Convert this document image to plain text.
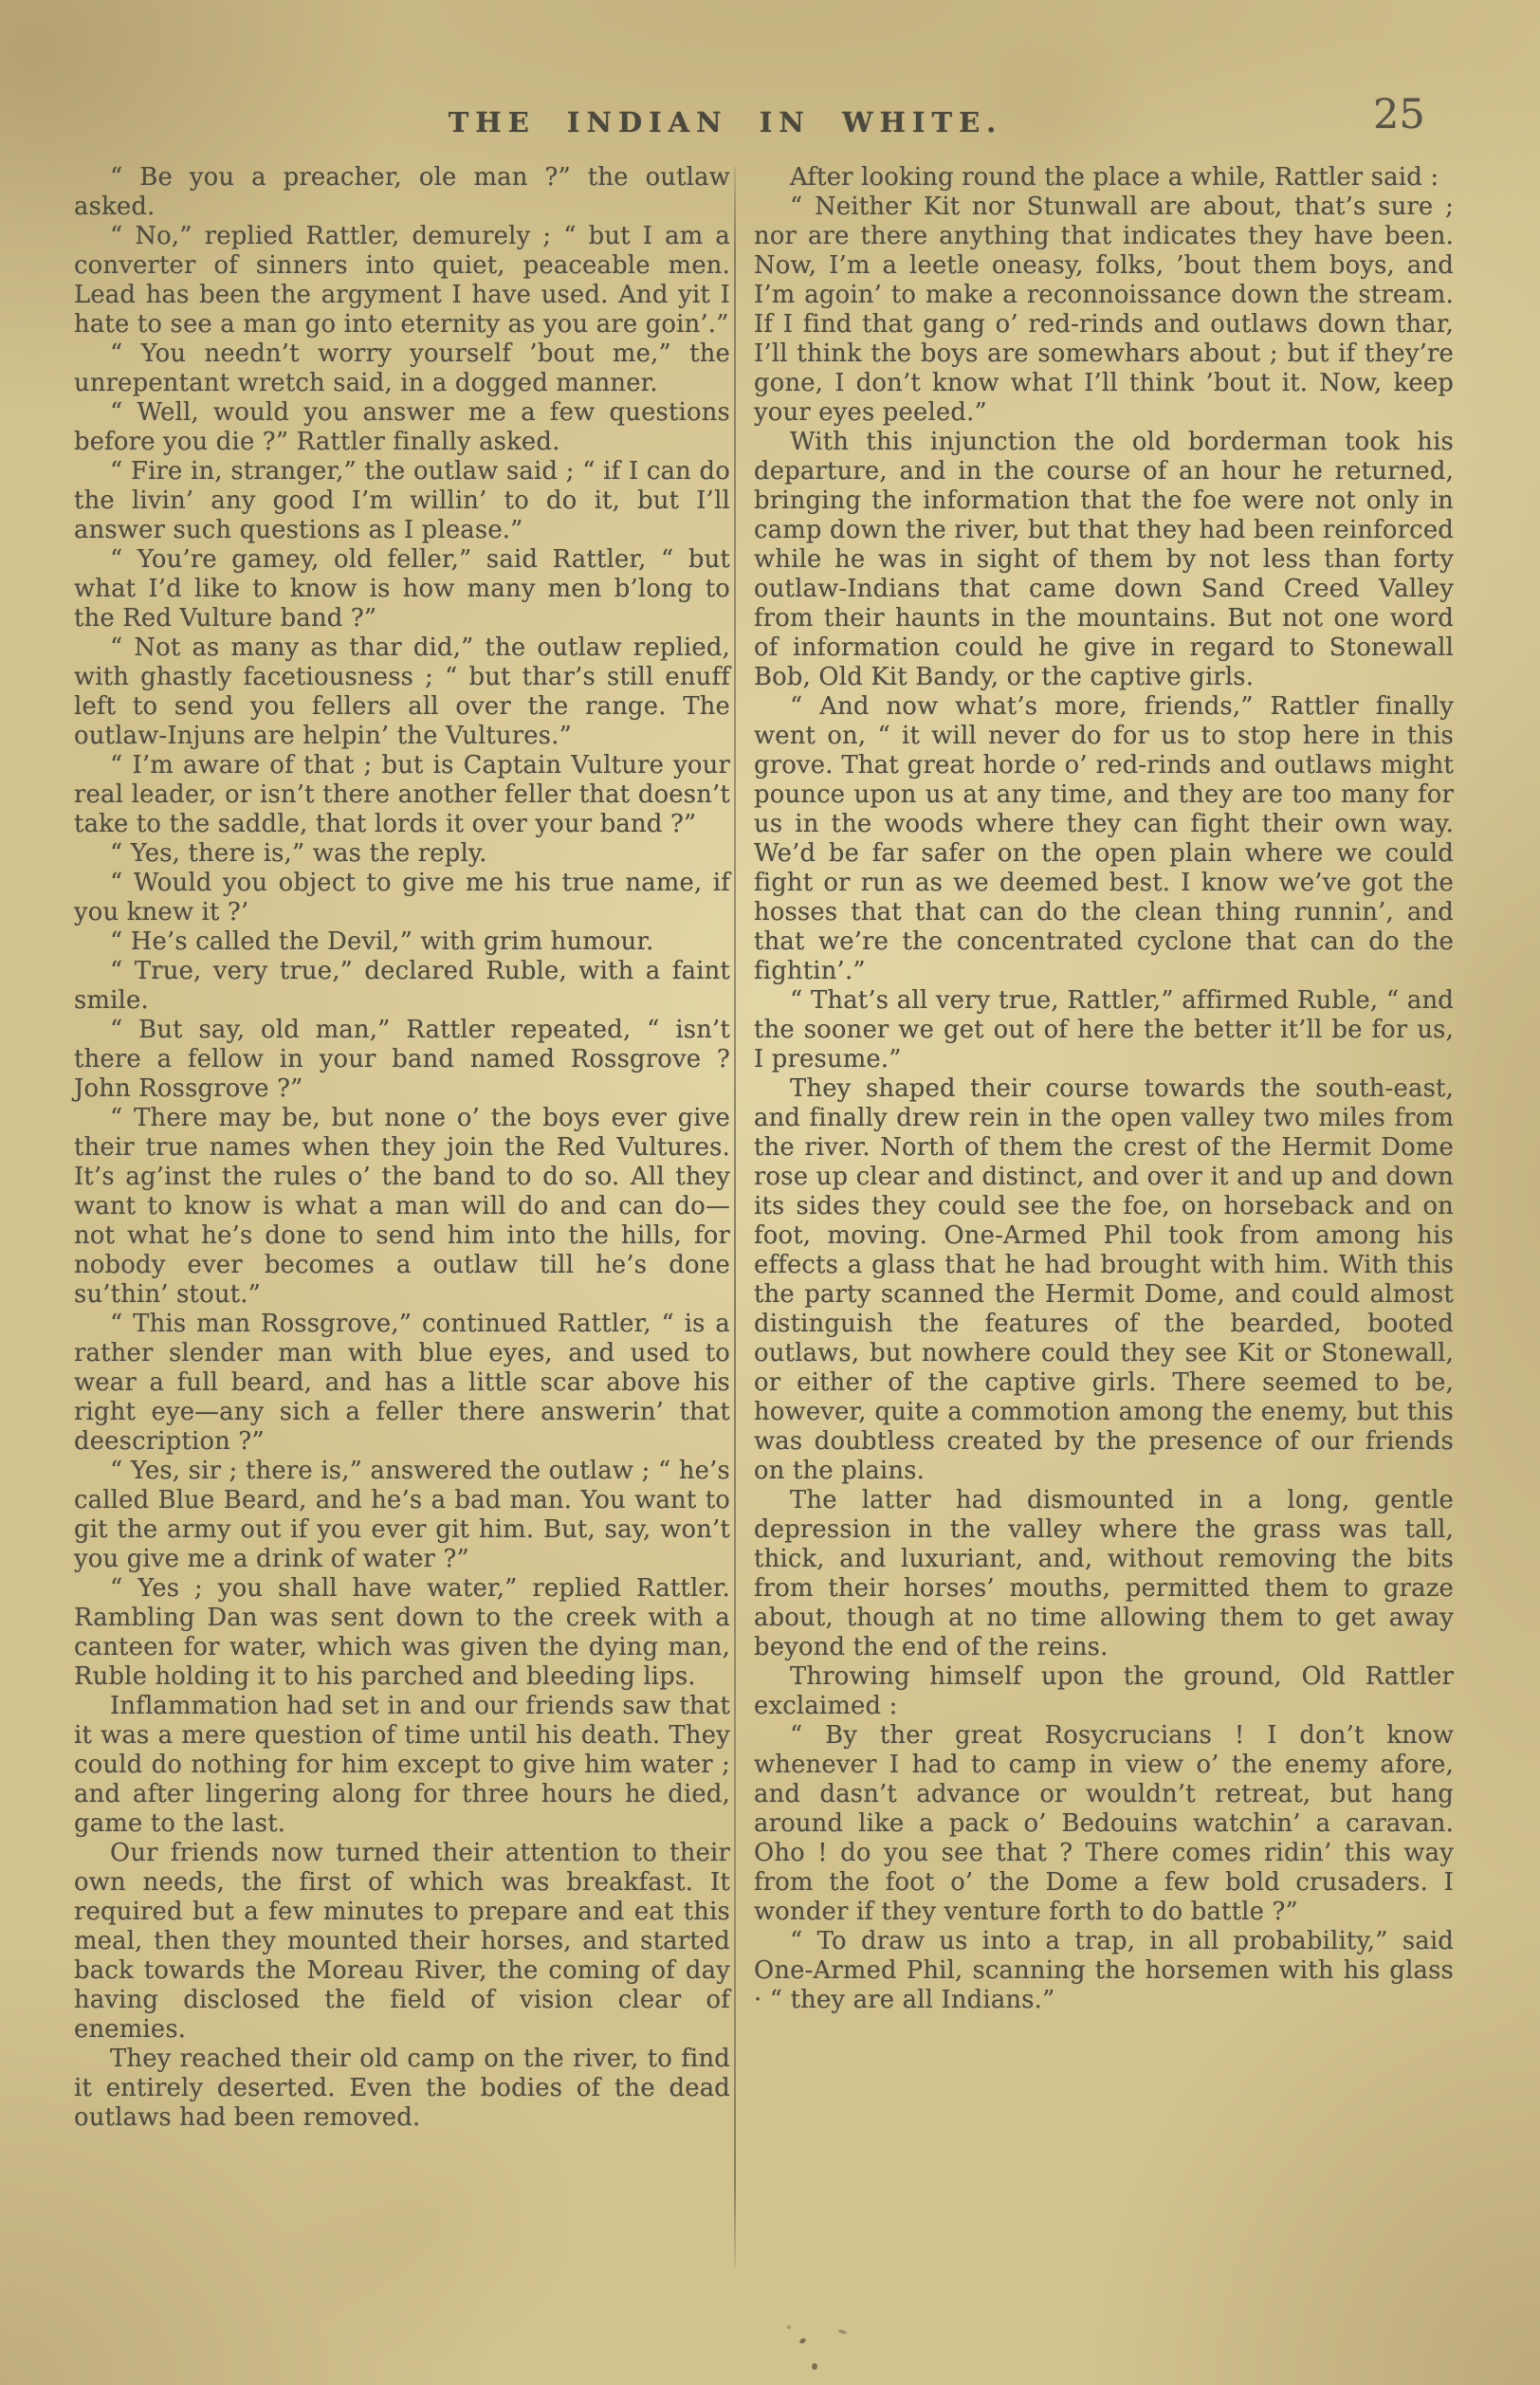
THE INDIAN IN WHITE.	25

“ Be you a preacher, ole man ?” the outlaw asked.

“ No,” replied Rattler, demurely ; “ but I am a converter of sinners into quiet, peaceable men. Lead has been the argyment I have used. And yit I hate to see a man go into eternity as you are goin’.”

“ You needn’t worry yourself ’bout me,” the unrepentant wretch said, in a dogged manner.

“ Well, would you answer me a few questions before you die ?” Rattler finally asked.

“ Fire in, stranger,” the outlaw said ; “ if I can do the livin’ any good I’m willin’ to do it, but I’ll answer such questions as I please.”

“ You’re gamey, old feller,” said Rattler, “ but what I’d like to know is how many men b’long to the Red Vulture band ?”

“ Not as many as thar did,” the outlaw replied, with ghastly facetiousness ; “ but thar’s still enuff left to send you fellers all over the range. The outlaw-Injuns are helpin’ the Vultures.”

“ I’m aware of that ; but is Captain Vulture your real leader, or isn’t there another feller that doesn’t take to the saddle, that lords it over your band ?”

“ Yes, there is,” was the reply.

“ Would you object to give me his true name, if you knew it ?’

“ He’s called the Devil,” with grim humour.

“ True, very true,” declared Ruble, with a faint smile.

“ But say, old man,” Rattler repeated, “ isn’t there a fellow in your band named Rossgrove ? John Rossgrove ?”

“ There may be, but none o’ the boys ever give their true names when they join the Red Vultures. It’s ag’inst the rules o’ the band to do so. All they want to know is what a man will do and can do—not what he’s done to send him into the hills, for nobody ever becomes a outlaw till he’s done su’thin’ stout.”

“ This man Rossgrove,” continued Rattler, “ is a rather slender man with blue eyes, and used to wear a full beard, and has a little scar above his right eye—any sich a feller there answerin’ that deescription ?”

“ Yes, sir ; there is,” answered the outlaw ; “ he’s called Blue Beard, and he’s a bad man. You want to git the army out if you ever git him. But, say, won’t you give me a drink of water ?”

“ Yes ; you shall have water,” replied Rattler. Rambling Dan was sent down to the creek with a canteen for water, which was given the dying man, Ruble holding it to his parched and bleeding lips.

Inflammation had set in and our friends saw that it was a mere question of time until his death. They could do nothing for him except to give him water ; and after lingering along for three hours he died, game to the last.

Our friends now turned their attention to their own needs, the first of which was breakfast. It required but a few minutes to prepare and eat this meal, then they mounted their horses, and started back towards the Moreau River, the coming of day having disclosed the field of vision clear of enemies.

They reached their old camp on the river, to find it entirely deserted. Even the bodies of the dead outlaws had been removed.

After looking round the place a while, Rattler said :

“ Neither Kit nor Stunwall are about, that’s sure ; nor are there anything that indicates they have been. Now, I’m a leetle oneasy, folks, ’bout them boys, and I’m agoin’ to make a reconnoissance down the stream. If I find that gang o’ red-rinds and outlaws down thar, I’ll think the boys are somewhars about ; but if they’re gone, I don’t know what I’ll think ’bout it. Now, keep your eyes peeled.”

With this injunction the old borderman took his departure, and in the course of an hour he returned, bringing the information that the foe were not only in camp down the river, but that they had been reinforced while he was in sight of them by not less than forty outlaw-Indians that came down Sand Creed Valley from their haunts in the mountains. But not one word of information could he give in regard to Stonewall Bob, Old Kit Bandy, or the captive girls.

“ And now what’s more, friends,” Rattler finally went on, “ it will never do for us to stop here in this grove. That great horde o’ red-rinds and outlaws might pounce upon us at any time, and they are too many for us in the woods where they can fight their own way. We’d be far safer on the open plain where we could fight or run as we deemed best. I know we’ve got the hosses that that can do the clean thing runnin’, and that we’re the concentrated cyclone that can do the fightin’.”

“ That’s all very true, Rattler,” affirmed Ruble, “ and the sooner we get out of here the better it’ll be for us, I presume.”

They shaped their course towards the south-east, and finally drew rein in the open valley two miles from the river. North of them the crest of the Hermit Dome rose up clear and distinct, and over it and up and down its sides they could see the foe, on horseback and on foot, moving. One-Armed Phil took from among his effects a glass that he had brought with him. With this the party scanned the Hermit Dome, and could almost distinguish the features of the bearded, booted outlaws, but nowhere could they see Kit or Stonewall, or either of the captive girls. There seemed to be, however, quite a commotion among the enemy, but this was doubtless created by the presence of our friends on the plains.

The latter had dismounted in a long, gentle depression in the valley where the grass was tall, thick, and luxuriant, and, without removing the bits from their horses’ mouths, permitted them to graze about, though at no time allowing them to get away beyond the end of the reins.

Throwing himself upon the ground, Old Rattler exclaimed :

“ By ther great Rosycrucians ! I don’t know whenever I had to camp in view o’ the enemy afore, and dasn’t advance or wouldn’t retreat, but hang around like a pack o’ Bedouins watchin’ a caravan. Oho ! do you see that ? There comes ridin’ this way from the foot o’ the Dome a few bold crusaders. I wonder if they venture forth to do battle ?”

“ To draw us into a trap, in all probability,” said One-Armed Phil, scanning the horsemen with his glass · “ they are all Indians.”
